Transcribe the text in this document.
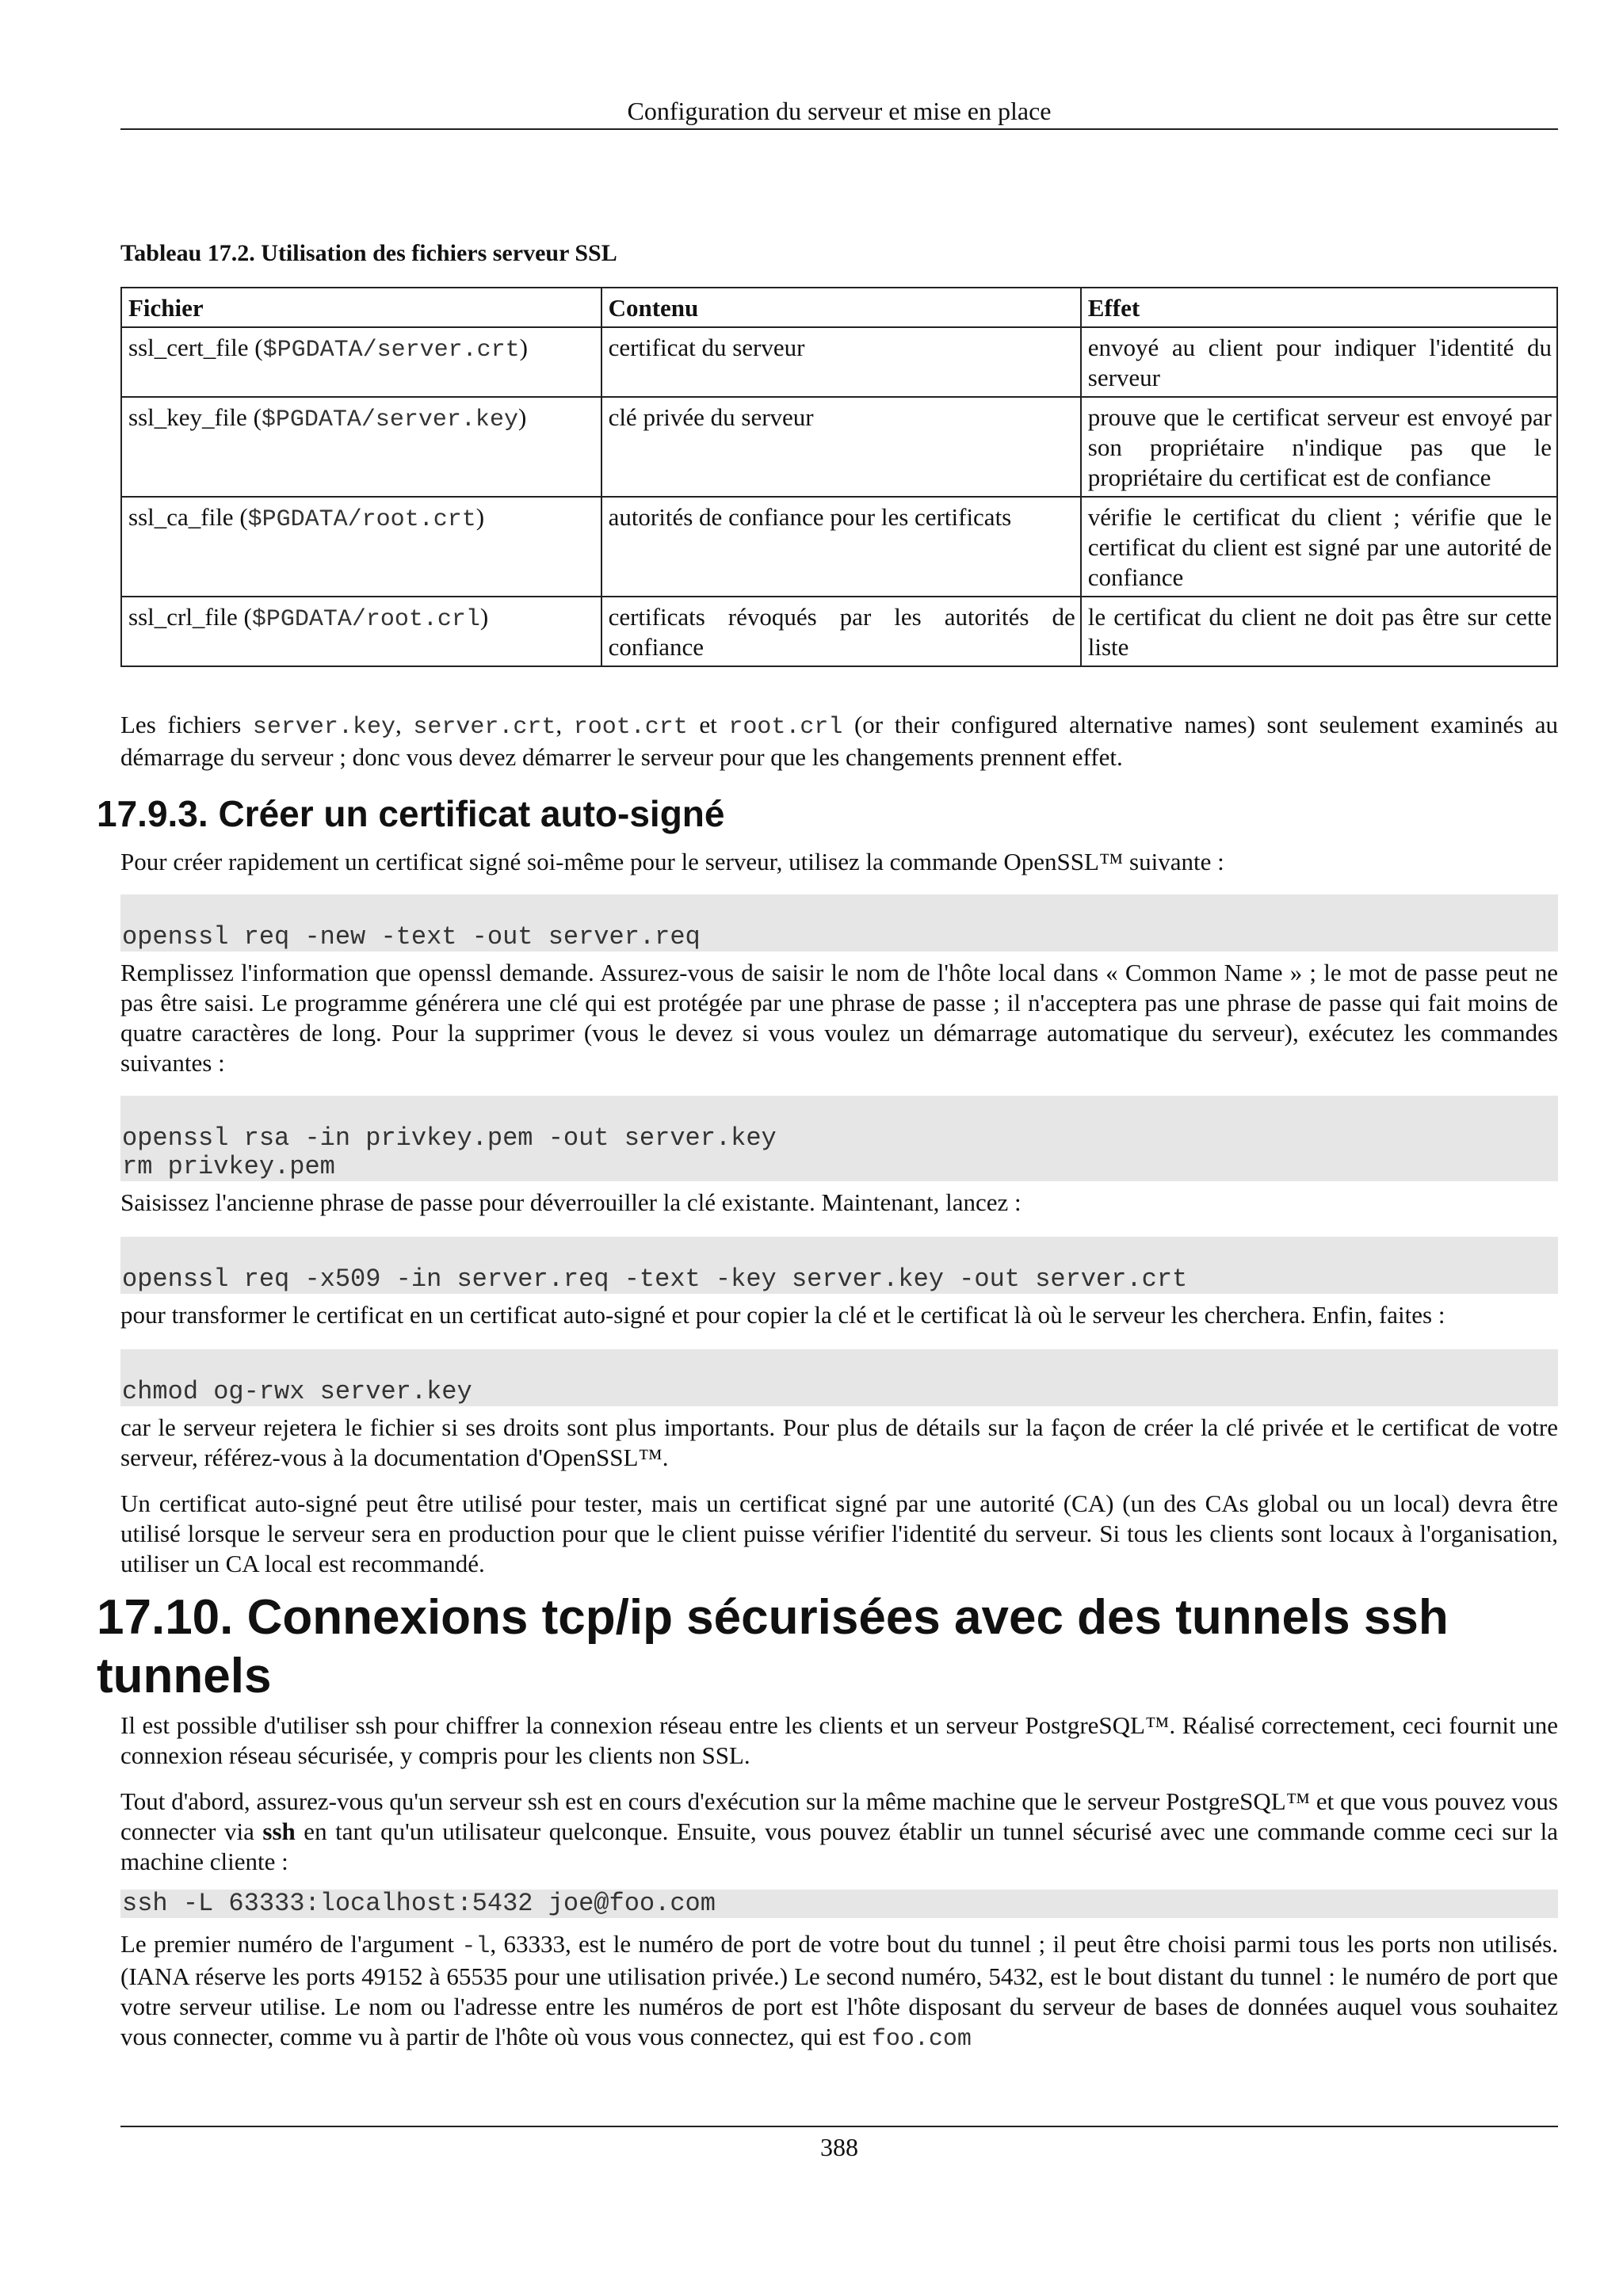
Configuration du serveur et mise en place
Tableau 17.2. Utilisation des fichiers serveur SSL
Fichier	Contenu	Effet
ssl_cert_file ($PGDATA/server.crt)	certificat du serveur	envoyé au client pour indiquer l'identité du serveur
ssl_key_file ($PGDATA/server.key)	clé privée du serveur	prouve que le certificat serveur est envoyé par son propriétaire n'indique pas que le propriétaire du certificat est de confiance
ssl_ca_file ($PGDATA/root.crt)	autorités de confiance pour les certificats	vérifie le certificat du client ; vérifie que le certificat du client est signé par une autorité de confiance
ssl_crl_file ($PGDATA/root.crl)	certificats révoqués par les autorités de confiance	le certificat du client ne doit pas être sur cette liste

Les fichiers server.key, server.crt, root.crt et root.crl (or their configured alternative names) sont seulement examinés au démarrage du serveur ; donc vous devez démarrer le serveur pour que les changements prennent effet.

17.9.3. Créer un certificat auto-signé

Pour créer rapidement un certificat signé soi-même pour le serveur, utilisez la commande OpenSSL™ suivante :

openssl req -new -text -out server.req

Remplissez l'information que openssl demande. Assurez-vous de saisir le nom de l'hôte local dans « Common Name » ; le mot de passe peut ne pas être saisi. Le programme générera une clé qui est protégée par une phrase de passe ; il n'acceptera pas une phrase de passe qui fait moins de quatre caractères de long. Pour la supprimer (vous le devez si vous voulez un démarrage automatique du serveur), exécutez les commandes suivantes :

openssl rsa -in privkey.pem -out server.key
rm privkey.pem

Saisissez l'ancienne phrase de passe pour déverrouiller la clé existante. Maintenant, lancez :

openssl req -x509 -in server.req -text -key server.key -out server.crt

pour transformer le certificat en un certificat auto-signé et pour copier la clé et le certificat là où le serveur les cherchera. Enfin, faites :

chmod og-rwx server.key

car le serveur rejetera le fichier si ses droits sont plus importants. Pour plus de détails sur la façon de créer la clé privée et le certificat de votre serveur, référez-vous à la documentation d'OpenSSL™.

Un certificat auto-signé peut être utilisé pour tester, mais un certificat signé par une autorité (CA) (un des CAs global ou un local) devra être utilisé lorsque le serveur sera en production pour que le client puisse vérifier l'identité du serveur. Si tous les clients sont locaux à l'organisation, utiliser un CA local est recommandé.

17.10. Connexions tcp/ip sécurisées avec des tunnels ssh tunnels

Il est possible d'utiliser ssh pour chiffrer la connexion réseau entre les clients et un serveur PostgreSQL™. Réalisé correctement, ceci fournit une connexion réseau sécurisée, y compris pour les clients non SSL.

Tout d'abord, assurez-vous qu'un serveur ssh est en cours d'exécution sur la même machine que le serveur PostgreSQL™ et que vous pouvez vous connecter via ssh en tant qu'un utilisateur quelconque. Ensuite, vous pouvez établir un tunnel sécurisé avec une commande comme ceci sur la machine cliente :

ssh -L 63333:localhost:5432 joe@foo.com

Le premier numéro de l'argument -l, 63333, est le numéro de port de votre bout du tunnel ; il peut être choisi parmi tous les ports non utilisés. (IANA réserve les ports 49152 à 65535 pour une utilisation privée.) Le second numéro, 5432, est le bout distant du tunnel : le numéro de port que votre serveur utilise. Le nom ou l'adresse entre les numéros de port est l'hôte disposant du serveur de bases de données auquel vous souhaitez vous connecter, comme vu à partir de l'hôte où vous vous connectez, qui est foo.com

388
